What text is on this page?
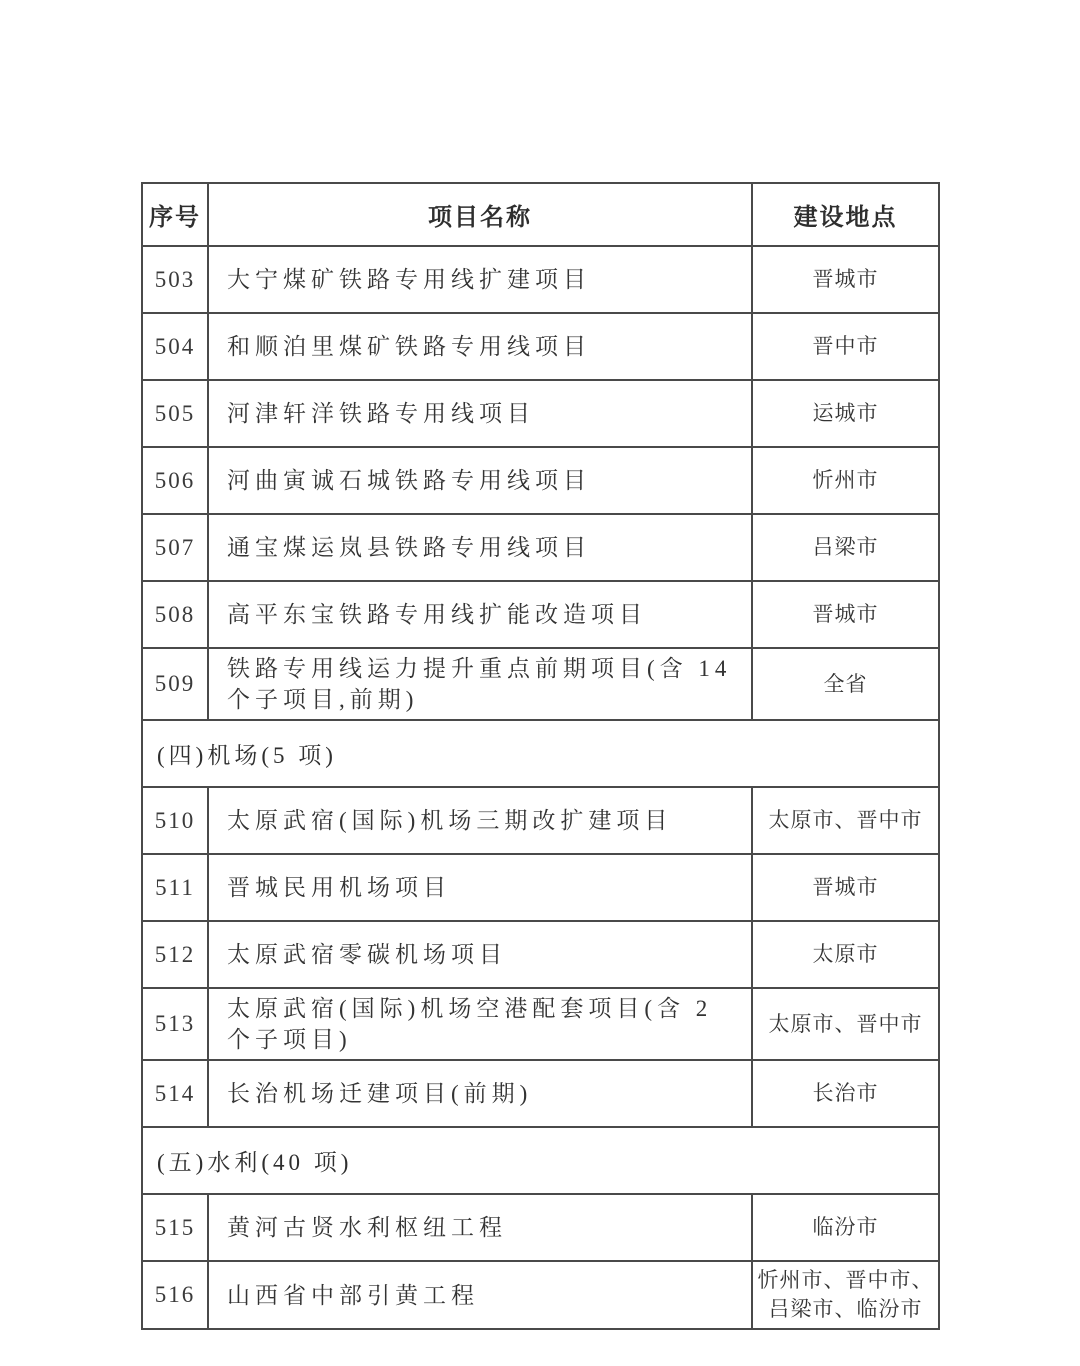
序号	项目名称	建设地点
503	大宁煤矿铁路专用线扩建项目	晋城市
504	和顺泊里煤矿铁路专用线项目	晋中市
505	河津轩洋铁路专用线项目	运城市
506	河曲寅诚石城铁路专用线项目	忻州市
507	通宝煤运岚县铁路专用线项目	吕梁市
508	高平东宝铁路专用线扩能改造项目	晋城市
509	铁路专用线运力提升重点前期项目(含 14 个子项目,前期)	全省
(四)机场(5 项)		
510	太原武宿(国际)机场三期改扩建项目	太原市、晋中市
511	晋城民用机场项目	晋城市
512	太原武宿零碳机场项目	太原市
513	太原武宿(国际)机场空港配套项目(含 2 个子项目)	太原市、晋中市
514	长治机场迁建项目(前期)	长治市
(五)水利(40 项)		
515	黄河古贤水利枢纽工程	临汾市
516	山西省中部引黄工程	忻州市、晋中市、吕梁市、临汾市
